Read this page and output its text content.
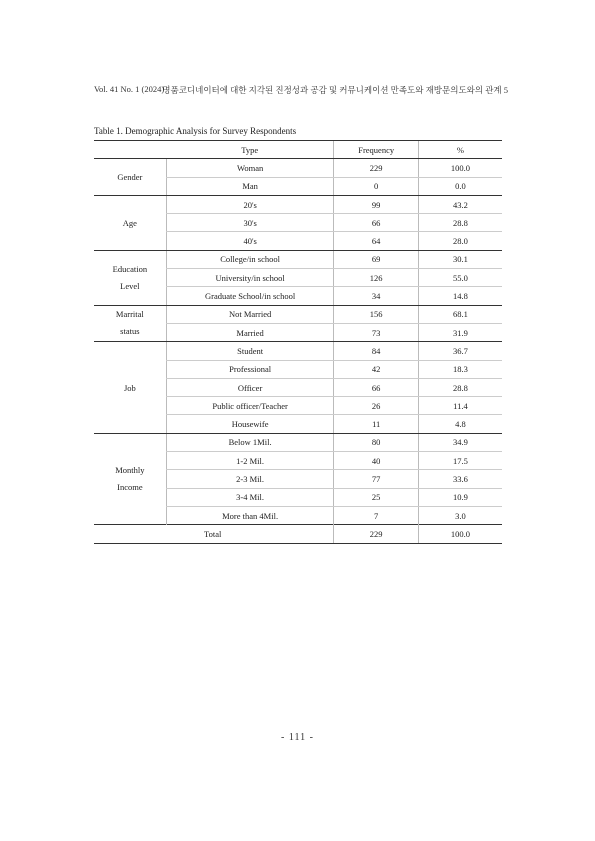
Vol. 41 No. 1 (2024)
명품코디네이터에 대한 지각된 진정성과 공감 및 커뮤니케이션 만족도와 재방문의도와의 관계 5
Table 1. Demographic Analysis for Survey Respondents
Type		Frequency	%
Gender	Woman	229	100.0
	Man	0	0.0
Age	20's	99	43.2
	30's	66	28.8
	40's	64	28.0
Education Level	College/in school	69	30.1
	University/in school	126	55.0
	Graduate School/in school	34	14.8
Marrital status	Not Married	156	68.1
	Married	73	31.9
Job	Student	84	36.7
	Professional	42	18.3
	Officer	66	28.8
	Public officer/Teacher	26	11.4
	Housewife	11	4.8
Monthly Income	Below 1Mil.	80	34.9
	1-2 Mil.	40	17.5
	2-3 Mil.	77	33.6
	3-4 Mil.	25	10.9
	More than 4Mil.	7	3.0
Total		229	100.0
- 111 -
